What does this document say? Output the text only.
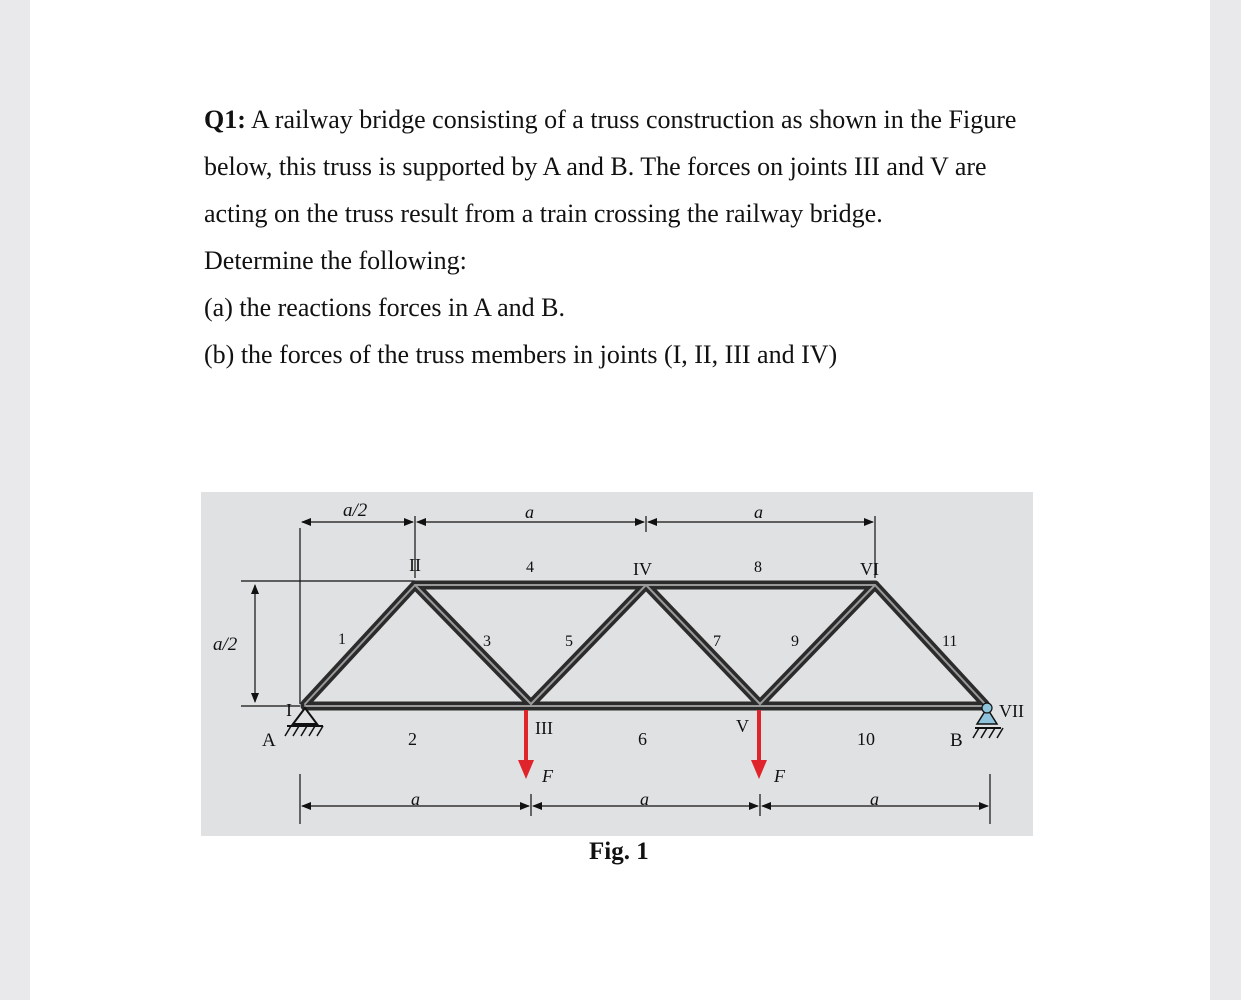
Q1: A railway bridge consisting of a truss construction as shown in the Figure

below, this truss is supported by A and B. The forces on joints III and V are

acting on the truss result from a train crossing the railway bridge.

Determine the following:

(a) the reactions forces in A and B.

(b) the forces of the truss members in joints (I, II, III and IV)

a/2	a	a
a/2
a	a	a
I
II
III
IV
V
VI
VII
1
2
3
4
5
6
7
8
9
10
11
A	B
F	F
Fig. 1
